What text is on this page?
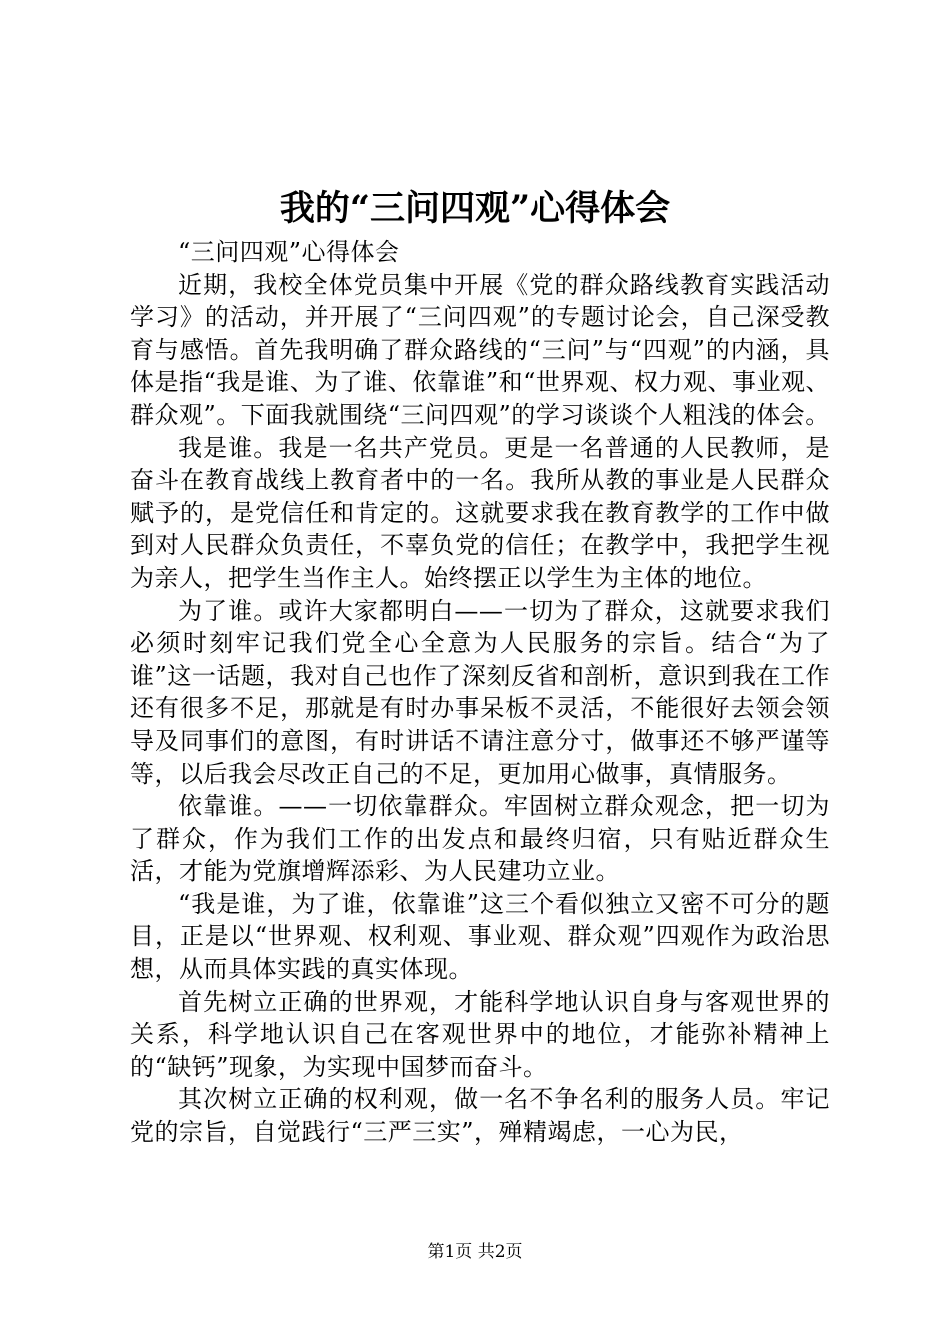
我的“三问四观”心得体会

“三问四观”心得体会

近期，我校全体党员集中开展《党的群众路线教育实践活动学习》的活动，并开展了“三问四观”的专题讨论会，自己深受教育与感悟。首先我明确了群众路线的“三问”与“四观”的内涵，具体是指“我是谁、为了谁、依靠谁”和“世界观、权力观、事业观、群众观”。下面我就围绕“三问四观”的学习谈谈个人粗浅的体会。

我是谁。我是一名共产党员。更是一名普通的人民教师，是奋斗在教育战线上教育者中的一名。我所从教的事业是人民群众赋予的，是党信任和肯定的。这就要求我在教育教学的工作中做到对人民群众负责任，不辜负党的信任；在教学中，我把学生视为亲人，把学生当作主人。始终摆正以学生为主体的地位。

为了谁。或许大家都明白——一切为了群众，这就要求我们必须时刻牢记我们党全心全意为人民服务的宗旨。结合“为了谁”这一话题，我对自己也作了深刻反省和剖析，意识到我在工作还有很多不足，那就是有时办事呆板不灵活，不能很好去领会领导及同事们的意图，有时讲话不请注意分寸，做事还不够严谨等等，以后我会尽改正自己的不足，更加用心做事，真情服务。

依靠谁。——一切依靠群众。牢固树立群众观念，把一切为了群众，作为我们工作的出发点和最终归宿，只有贴近群众生活，才能为党旗增辉添彩、为人民建功立业。

“我是谁，为了谁，依靠谁”这三个看似独立又密不可分的题目，正是以“世界观、权利观、事业观、群众观”四观作为政治思想，从而具体实践的真实体现。

首先树立正确的世界观，才能科学地认识自身与客观世界的关系，科学地认识自己在客观世界中的地位，才能弥补精神上的“缺钙”现象，为实现中国梦而奋斗。

其次树立正确的权利观，做一名不争名利的服务人员。牢记党的宗旨，自觉践行“三严三实”，殚精竭虑，一心为民，

第1页 共2页
